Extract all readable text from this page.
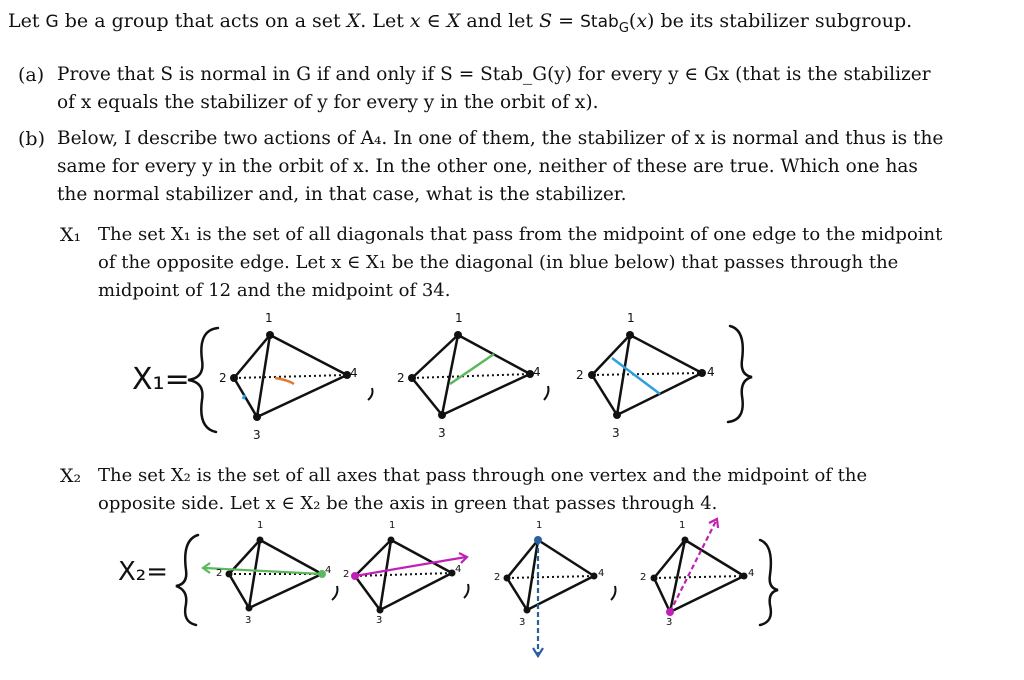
Let G be a group that acts on a set X. Let x ∈ X and let S = Stab$_G$(x) be its stabilizer subgroup.
(a) Prove that S is normal in G if and only if S = Stab_G(y) for every y ∈ Gx (that is the stabilizer
of x equals the stabilizer of y for every y in the orbit of x).
(b) Below, I describe two actions of A₄. In one of them, the stabilizer of x is normal and thus is the
same for every y in the orbit of x. In the other one, neither of these are true. Which one has
the normal stabilizer and, in that case, what is the stabilizer.
X₁ The set X₁ is the set of all diagonals that pass from the midpoint of one edge to the midpoint
of the opposite edge. Let x ∈ X₁ be the diagonal (in blue below) that passes through the
midpoint of 12 and the midpoint of 34.
X₂ The set X₂ is the set of all axes that pass through one vertex and the midpoint of the
opposite side. Let x ∈ X₂ be the axis in green that passes through 4.
X₁=
X₂=
1
2	4
3
1
2	4
3
1
2	4
3
1
2	4
3
1
2	4
3
1
2	4
3
1
2	4
3
